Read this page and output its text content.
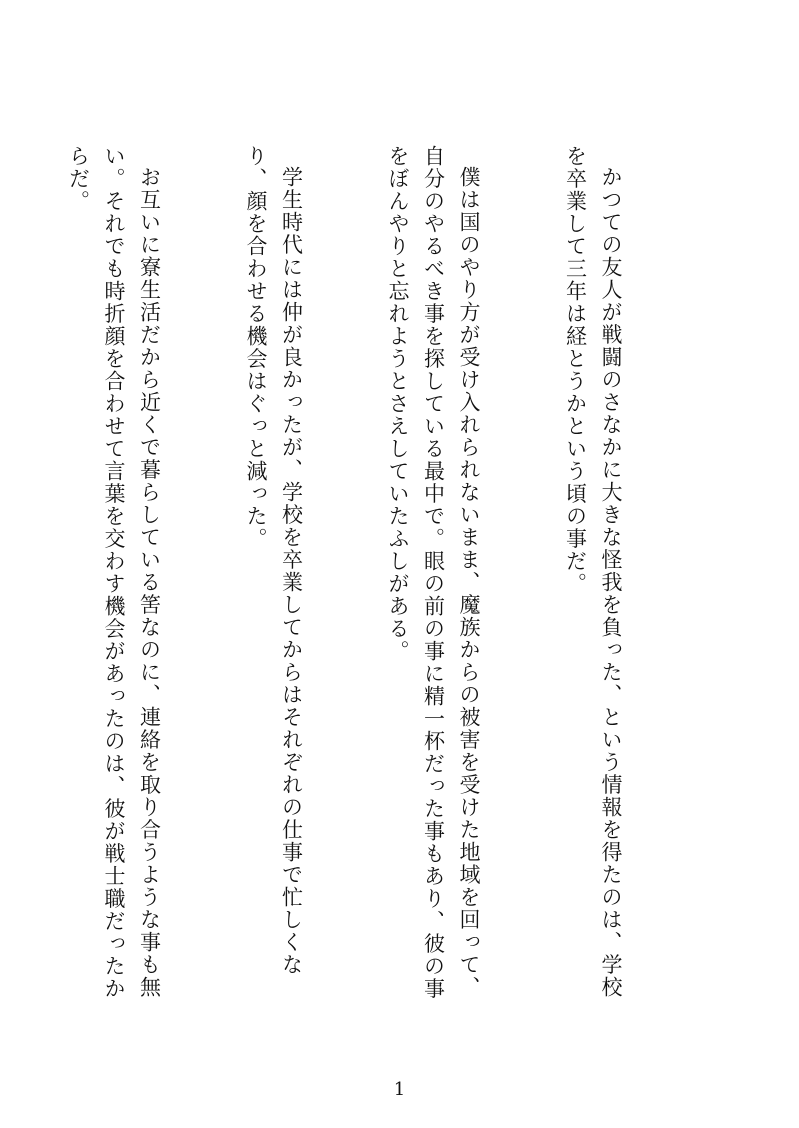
かつての友人が戦闘のさなかに大きな怪我を負った、という情報を得たのは、学校を卒業して三年は経とうかという頃の事だ。

僕は国のやり方が受け入れられないまま、魔族からの被害を受けた地域を回って、自分のやるべき事を探している最中で。眼の前の事に精一杯だった事もあり、彼の事をぼんやりと忘れようとさえしていたふしがある。

学生時代には仲が良かったが、学校を卒業してからはそれぞれの仕事で忙しくなり、顔を合わせる機会はぐっと減った。

お互いに寮生活だから近くで暮らしている筈なのに、連絡を取り合うような事も無い。それでも時折顔を合わせて言葉を交わす機会があったのは、彼が戦士職だったからだ。

1
